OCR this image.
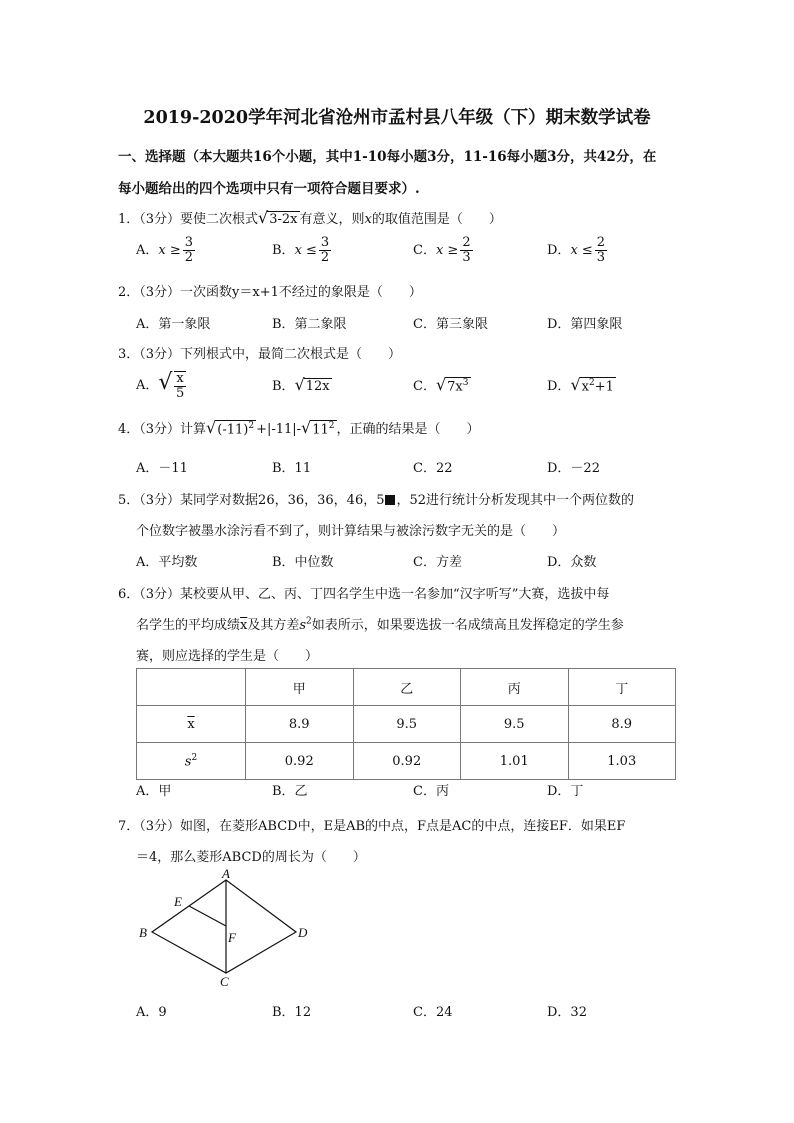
2019-2020学年河北省沧州市孟村县八年级（下）期末数学试卷
一、选择题（本大题共16个小题，其中1-10每小题3分，11-16每小题3分，共42分，在
每小题给出的四个选项中只有一项符合题目要求）.
1．（3分）要使二次根式√3-2x 有意义，则x的取值范围是（　　）
A．$x \ge \frac{3}{2}$	B．$x \le \frac{3}{2}$	C．$x \ge \frac{2}{3}$	D．$x \le \frac{2}{3}$
2．（3分）一次函数y＝x+1不经过的象限是（　　）
A．第一象限	B．第二象限	C．第三象限	D．第四象限
3．（3分）下列根式中，最简二次根式是（　　）
A．√ $\frac{x}{5}$	B．√12x	C．$√7x^3$	D．$√x^2+1$
4．（3分）计算$√(-11)^2 +|-11|-√11^2$ ，正确的结果是（　　）
A．－11	B．11	C．22	D．－22
5．（3分）某同学对数据26，36，36，46，5 ，52进行统计分析发现其中一个两位数的
个位数字被墨水涂污看不到了，则计算结果与被涂污数字无关的是（　　）
A．平均数	B．中位数	C．方差	D．众数
6．（3分）某校要从甲、乙、丙、丁四名学生中选一名参加“汉字听写”大赛，选拔中每
名学生的平均成绩$\overline{x}$及其方差$s^2$如表所示，如果要选拔一名成绩高且发挥稳定的学生参
赛，则应选择的学生是（　　）
	甲	乙	丙	丁
$\overline{x}$	8.9	9.5	9.5	8.9
$s^2$	0.92	0.92	1.01	1.03
A．甲	B．乙	C．丙	D．丁
7．（3分）如图，在菱形ABCD中，E是AB的中点，F点是AC的中点，连接EF．如果EF
＝4，那么菱形ABCD的周长为（　　）
A
B
C
D
E
F
A．9	B．12	C．24	D．32
